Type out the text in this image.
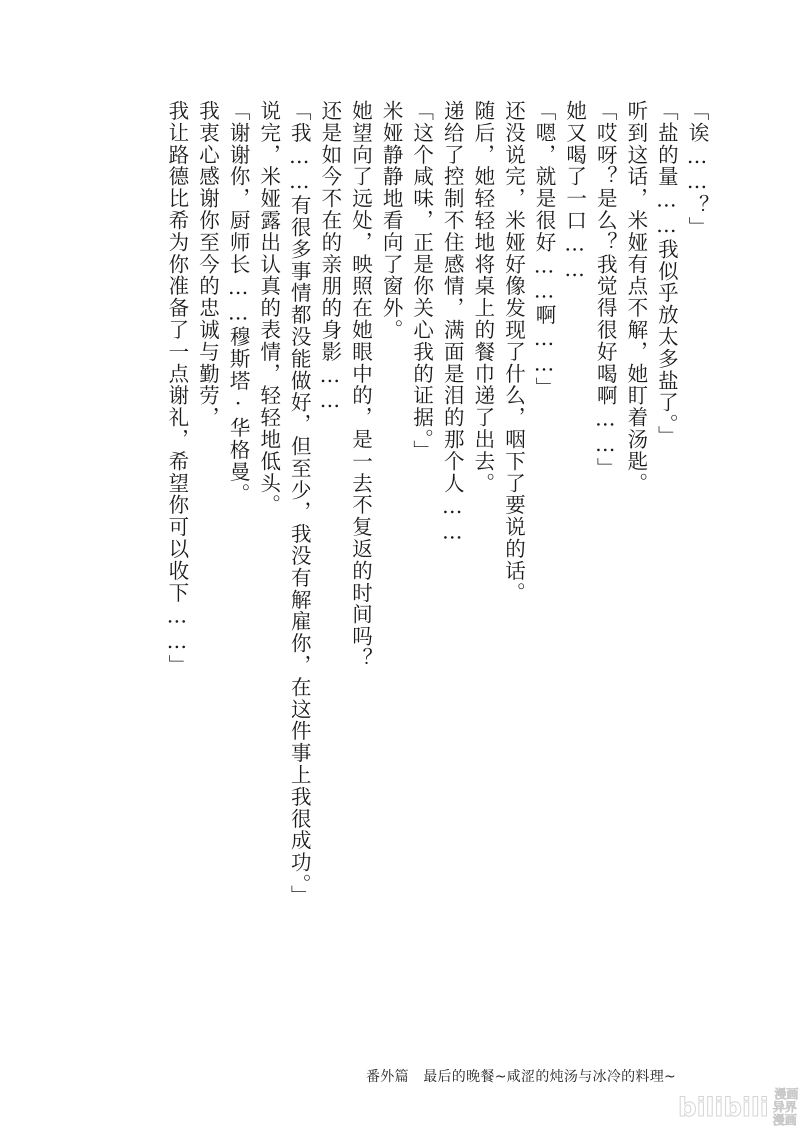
「诶……？」

「盐的量……我似乎放太多盐了。」

听到这话，米娅有点不解，她盯着汤匙。

「哎呀？是么？我觉得很好喝啊……」

她又喝了一口……

「嗯，就是很好……啊……」

还没说完，米娅好像发现了什么，咽下了要说的话。

随后，她轻轻地将桌上的餐巾递了出去。

递给了控制不住感情，满面是泪的那个人……

「这个咸味，正是你关心我的证据。」

米娅静静地看向了窗外。

她望向了远处，映照在她眼中的，是一去不复返的时间吗？

还是如今不在的亲朋的身影……

「我……有很多事情都没能做好，但至少，我没有解雇你，在这件事上我很成功。」

说完，米娅露出认真的表情，轻轻地低头。

「谢谢你，厨师长……穆斯塔·华格曼。

我衷心感谢你至今的忠诚与勤劳，

我让路德比希为你准备了一点谢礼，希望你可以收下……」

番外篇　最后的晚餐~咸涩的炖汤与冰冷的料理~
bilibili 漫画
异界漫画
